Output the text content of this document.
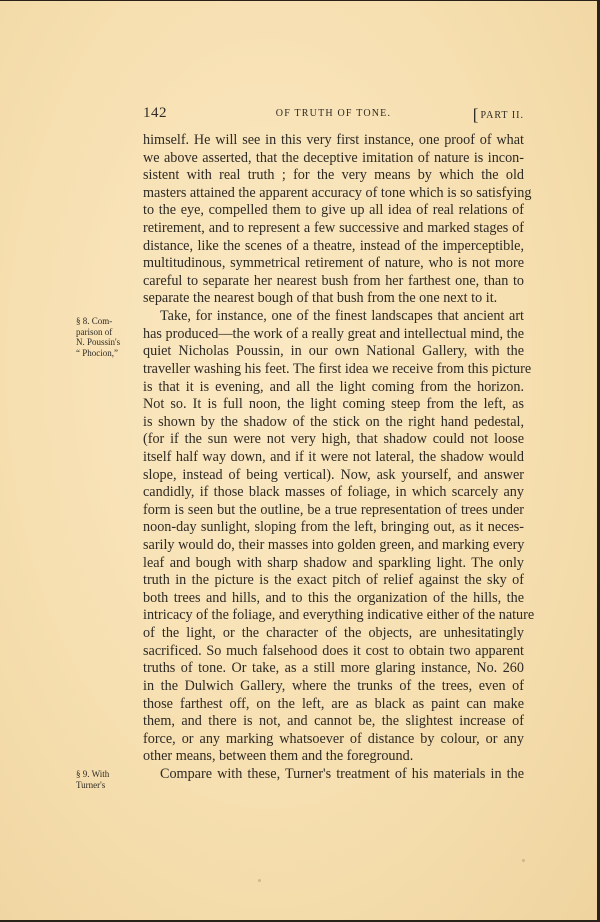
142	OF TRUTH OF TONE.	[PART II.
§ 8. Com-
parison of
N. Poussin's
“ Phocion,”
§ 9. With
Turner's
himself. He will see in this very first instance, one proof of what
we above asserted, that the deceptive imitation of nature is incon-
sistent with real truth ; for the very means by which the old
masters attained the apparent accuracy of tone which is so satisfying
to the eye, compelled them to give up all idea of real relations of
retirement, and to represent a few successive and marked stages of
distance, like the scenes of a theatre, instead of the imperceptible,
multitudinous, symmetrical retirement of nature, who is not more
careful to separate her nearest bush from her farthest one, than to
separate the nearest bough of that bush from the one next to it.
Take, for instance, one of the finest landscapes that ancient art
has produced—the work of a really great and intellectual mind, the
quiet Nicholas Poussin, in our own National Gallery, with the
traveller washing his feet. The first idea we receive from this picture
is that it is evening, and all the light coming from the horizon.
Not so. It is full noon, the light coming steep from the left, as
is shown by the shadow of the stick on the right hand pedestal,
(for if the sun were not very high, that shadow could not loose
itself half way down, and if it were not lateral, the shadow would
slope, instead of being vertical). Now, ask yourself, and answer
candidly, if those black masses of foliage, in which scarcely any
form is seen but the outline, be a true representation of trees under
noon-day sunlight, sloping from the left, bringing out, as it neces-
sarily would do, their masses into golden green, and marking every
leaf and bough with sharp shadow and sparkling light. The only
truth in the picture is the exact pitch of relief against the sky of
both trees and hills, and to this the organization of the hills, the
intricacy of the foliage, and everything indicative either of the nature
of the light, or the character of the objects, are unhesitatingly
sacrificed. So much falsehood does it cost to obtain two apparent
truths of tone. Or take, as a still more glaring instance, No. 260
in the Dulwich Gallery, where the trunks of the trees, even of
those farthest off, on the left, are as black as paint can make
them, and there is not, and cannot be, the slightest increase of
force, or any marking whatsoever of distance by colour, or any
other means, between them and the foreground.
Compare with these, Turner's treatment of his materials in the
